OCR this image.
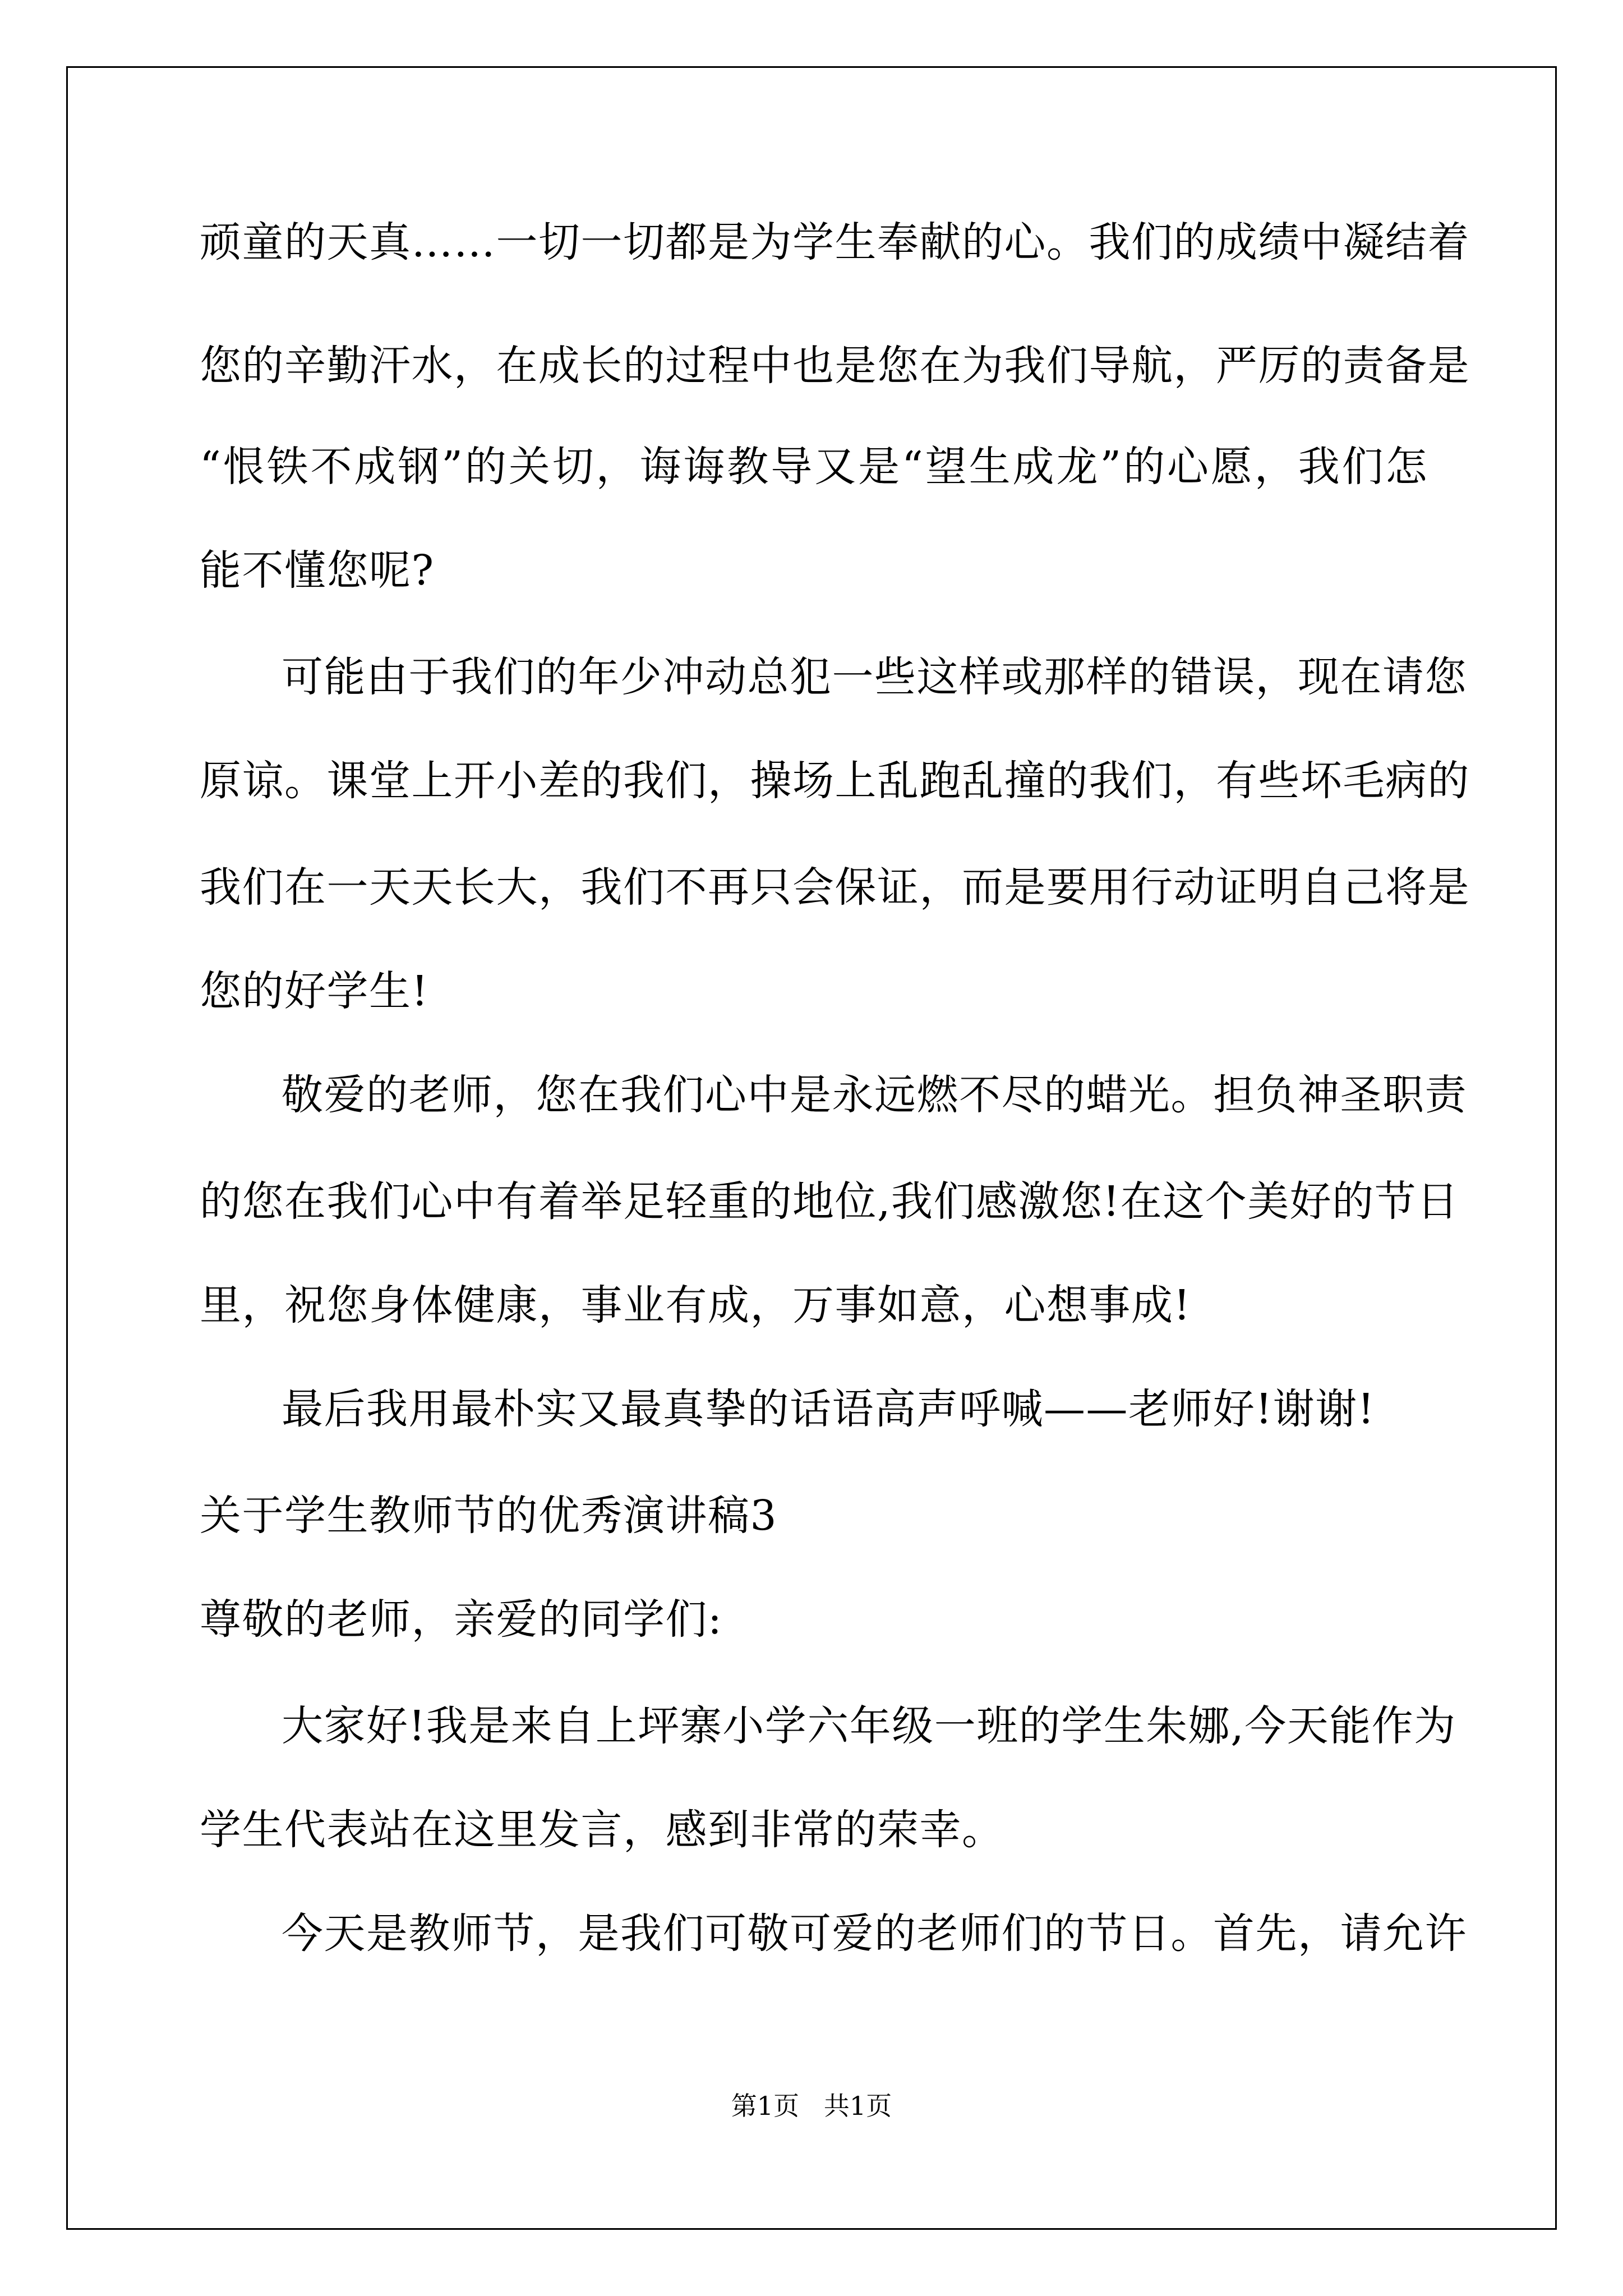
顽童的天真……一切一切都是为学生奉献的心。我们的成绩中凝结着
您的辛勤汗水，在成长的过程中也是您在为我们导航，严厉的责备是
“恨铁不成钢”的关切，诲诲教导又是“望生成龙”的心愿，我们怎
能不懂您呢?
可能由于我们的年少冲动总犯一些这样或那样的错误，现在请您
原谅。课堂上开小差的我们，操场上乱跑乱撞的我们，有些坏毛病的
我们在一天天长大，我们不再只会保证，而是要用行动证明自己将是
您的好学生!
敬爱的老师，您在我们心中是永远燃不尽的蜡光。担负神圣职责
的您在我们心中有着举足轻重的地位,我们感激您!在这个美好的节日
里，祝您身体健康，事业有成，万事如意，心想事成!
最后我用最朴实又最真挚的话语高声呼喊——老师好!谢谢!
关于学生教师节的优秀演讲稿3
尊敬的老师，亲爱的同学们:
大家好!我是来自上坪寨小学六年级一班的学生朱娜,今天能作为
学生代表站在这里发言，感到非常的荣幸。
今天是教师节，是我们可敬可爱的老师们的节日。首先，请允许
第1页   共1页
